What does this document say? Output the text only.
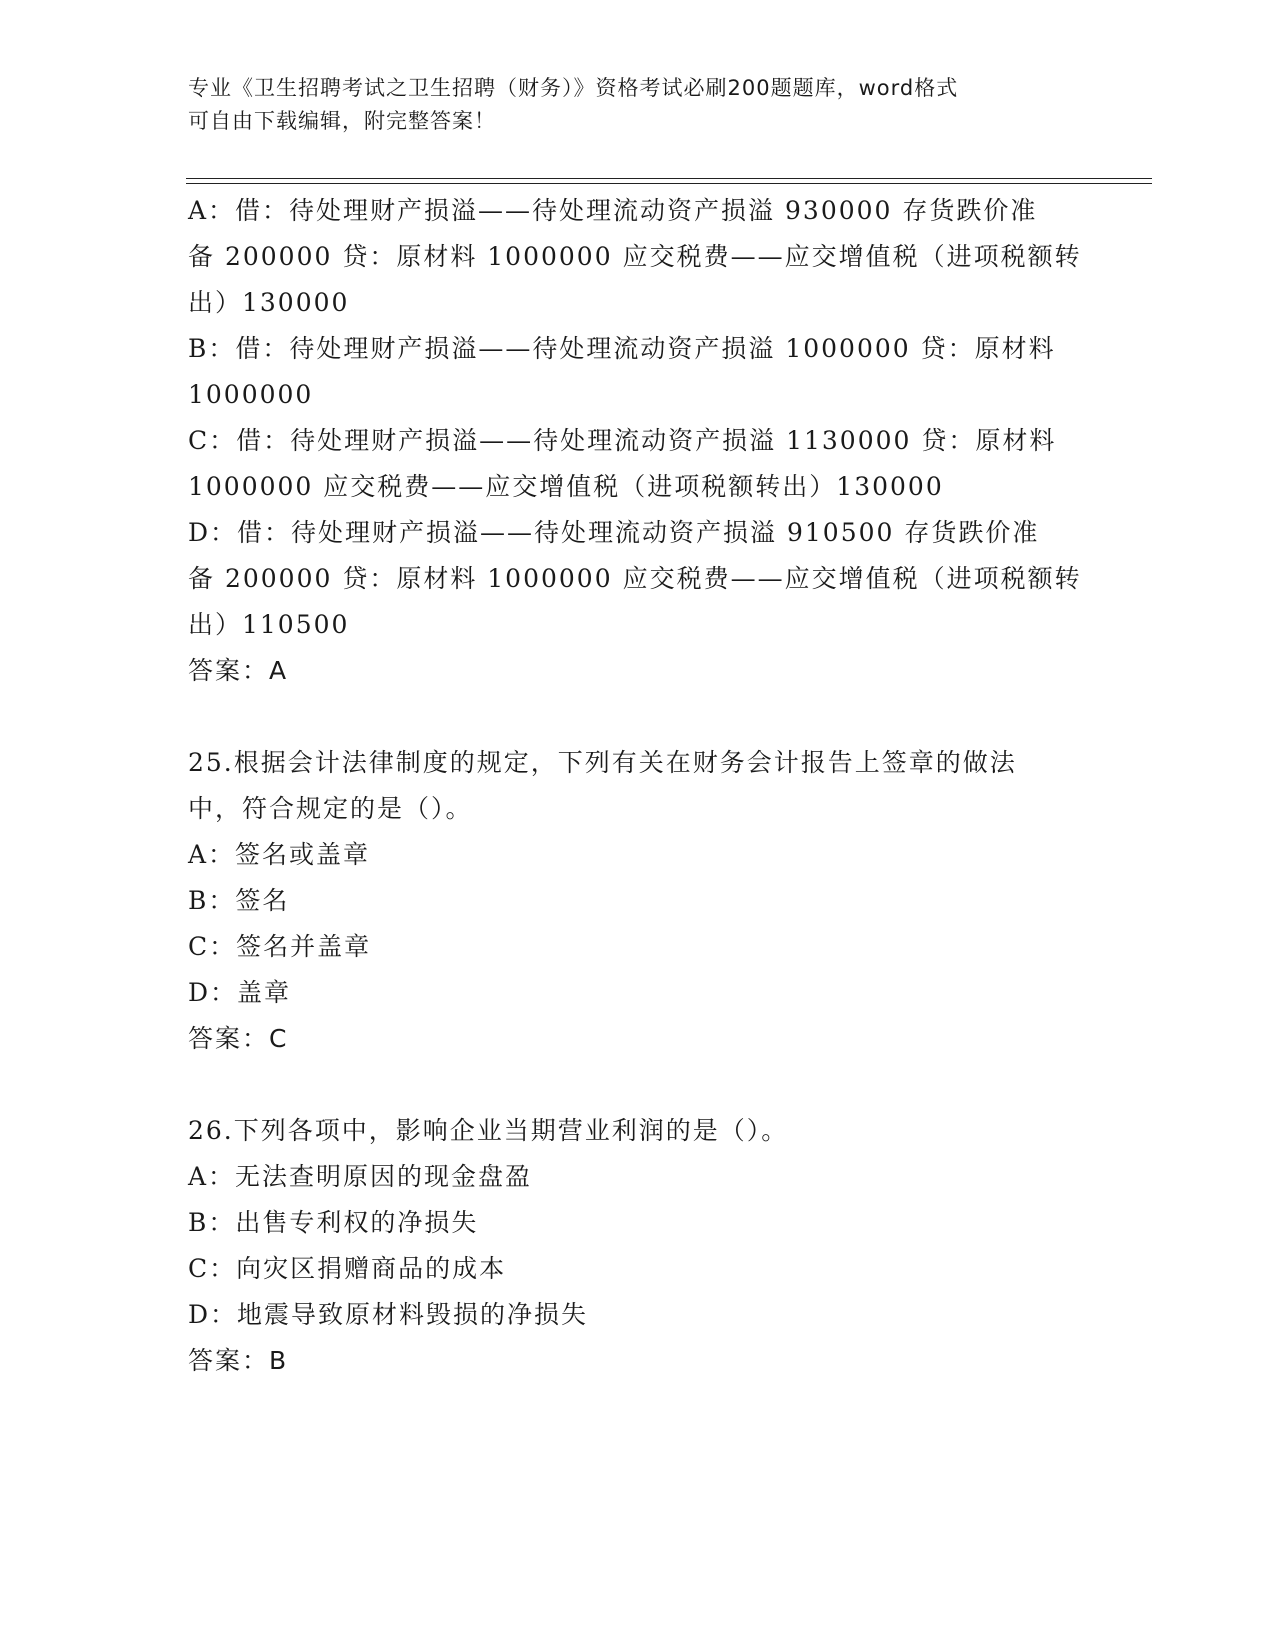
专业《卫生招聘考试之卫生招聘（财务）》资格考试必刷200题题库，word格式
可自由下载编辑，附完整答案！
A：借：待处理财产损溢——待处理流动资产损溢 930000 存货跌价准
备 200000 贷：原材料 1000000 应交税费——应交增值税（进项税额转
出）130000
B：借：待处理财产损溢——待处理流动资产损溢 1000000 贷：原材料
1000000
C：借：待处理财产损溢——待处理流动资产损溢 1130000 贷：原材料
1000000 应交税费——应交增值税（进项税额转出）130000
D：借：待处理财产损溢——待处理流动资产损溢 910500 存货跌价准
备 200000 贷：原材料 1000000 应交税费——应交增值税（进项税额转
出）110500
答案：A
25.根据会计法律制度的规定，下列有关在财务会计报告上签章的做法
中，符合规定的是（）。
A：签名或盖章
B：签名
C：签名并盖章
D：盖章
答案：C
26.下列各项中，影响企业当期营业利润的是（）。
A：无法查明原因的现金盘盈
B：出售专利权的净损失
C：向灾区捐赠商品的成本
D：地震导致原材料毁损的净损失
答案：B
